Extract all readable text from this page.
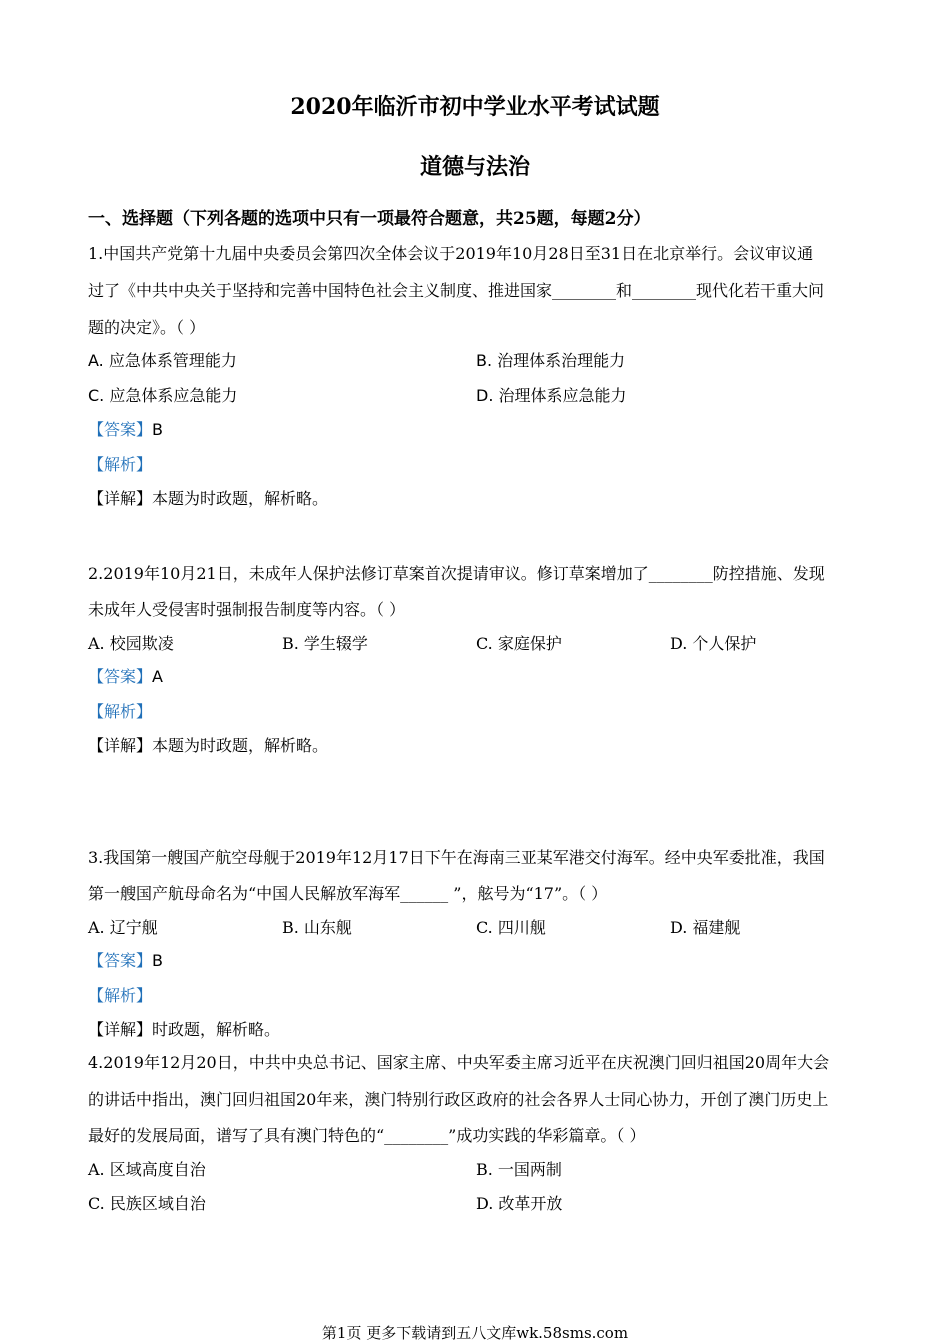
2020年临沂市初中学业水平考试试题
道德与法治
一、选择题（下列各题的选项中只有一项最符合题意，共25题，每题2分）
1.中国共产党第十九届中央委员会第四次全体会议于2019年10月28日至31日在北京举行。会议审议通
过了《中共中央关于坚持和完善中国特色社会主义制度、推进国家________和________现代化若干重大问
题的决定》。（ ）
A. 应急体系管理能力	B. 治理体系治理能力
C. 应急体系应急能力	D. 治理体系应急能力
【答案】B
【解析】
【详解】本题为时政题，解析略。
2.2019年10月21日，未成年人保护法修订草案首次提请审议。修订草案增加了________防控措施、发现
未成年人受侵害时强制报告制度等内容。（ ）
A. 校园欺凌	B. 学生辍学	C. 家庭保护	D. 个人保护
【答案】A
【解析】
【详解】本题为时政题，解析略。
3.我国第一艘国产航空母舰于2019年12月17日下午在海南三亚某军港交付海军。经中央军委批准，我国
第一艘国产航母命名为“中国人民解放军海军______ ”，舷号为“17”。（ ）
A. 辽宁舰	B. 山东舰	C. 四川舰	D. 福建舰
【答案】B
【解析】
【详解】时政题，解析略。
4.2019年12月20日，中共中央总书记、国家主席、中央军委主席习近平在庆祝澳门回归祖国20周年大会
的讲话中指出，澳门回归祖国20年来，澳门特别行政区政府的社会各界人士同心协力，开创了澳门历史上
最好的发展局面，谱写了具有澳门特色的“________”成功实践的华彩篇章。（ ）
A. 区域高度自治	B. 一国两制
C. 民族区域自治	D. 改革开放
第1页 更多下载请到五八文库wk.58sms.com
